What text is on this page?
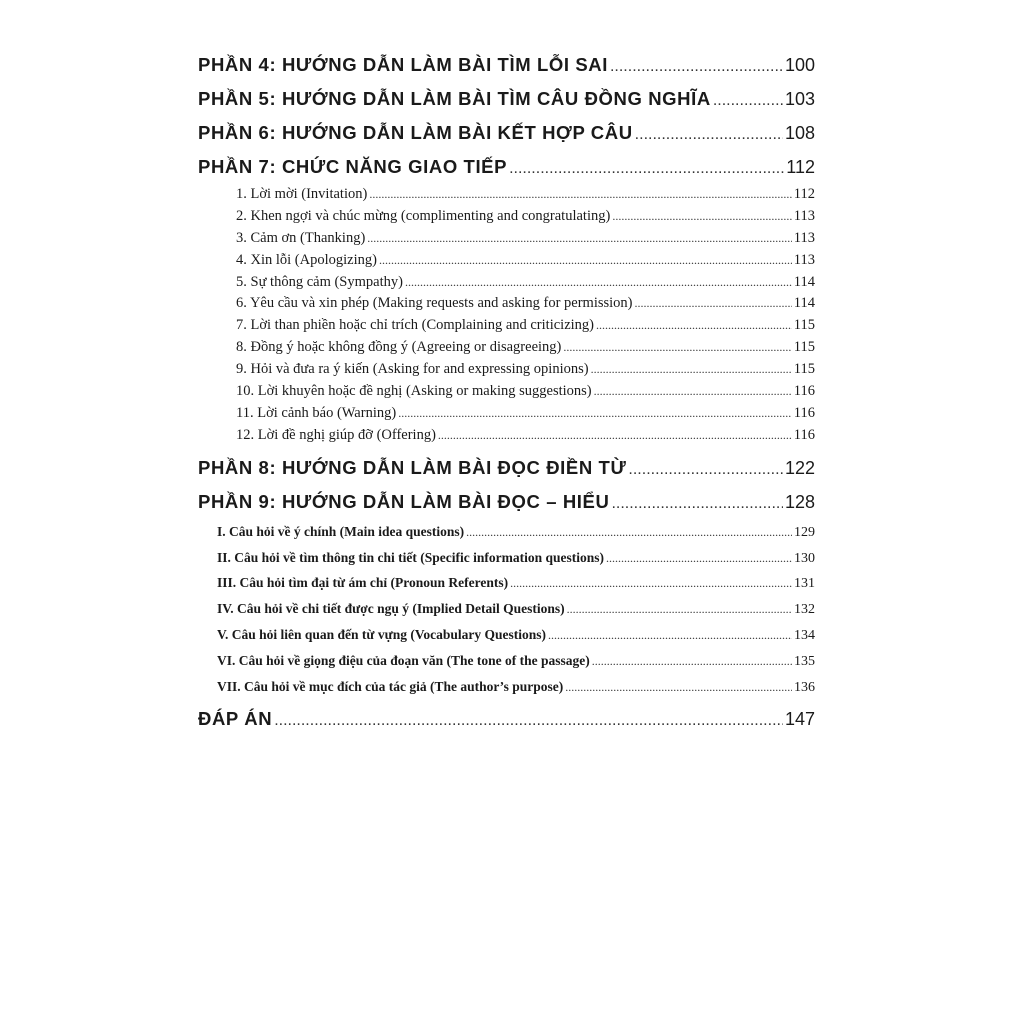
PHẦN 4: HƯỚNG DẪN LÀM BÀI TÌM LỖI SAI .....	100
PHẦN 5: HƯỚNG DẪN LÀM BÀI TÌM CÂU ĐỒNG NGHĨA .....	103
PHẦN 6: HƯỚNG DẪN LÀM BÀI KẾT HỢP CÂU .....	108
PHẦN 7: CHỨC NĂNG GIAO TIẾP .....	112
1. Lời mời (Invitation) .....	112
2. Khen ngợi và chúc mừng (complimenting and congratulating) .....	113
3. Cảm ơn (Thanking) .....	113
4. Xin lỗi (Apologizing) .....	113
5. Sự thông cảm (Sympathy) .....	114
6. Yêu cầu và xin phép (Making requests and asking for permission) .....	114
7. Lời than phiền hoặc chỉ trích (Complaining and criticizing) .....	115
8. Đồng ý hoặc không đồng ý (Agreeing or disagreeing) .....	115
9. Hỏi và đưa ra ý kiến (Asking for and expressing opinions) .....	115
10. Lời khuyên hoặc đề nghị (Asking or making suggestions) .....	116
11. Lời cảnh báo (Warning) .....	116
12. Lời đề nghị giúp đỡ (Offering) .....	116
PHẦN 8: HƯỚNG DẪN LÀM BÀI ĐỌC ĐIỀN TỪ .....	122
PHẦN 9: HƯỚNG DẪN LÀM BÀI ĐỌC – HIỂU .....	128
I. Câu hỏi về ý chính (Main idea questions) .....	129
II. Câu hỏi về tìm thông tin chi tiết (Specific information questions) .....	130
III. Câu hỏi tìm đại từ ám chỉ (Pronoun Referents) .....	131
IV. Câu hỏi về chi tiết được ngụ ý (Implied Detail Questions) .....	132
V. Câu hỏi liên quan đến từ vựng (Vocabulary Questions) .....	134
VI. Câu hỏi về giọng điệu của đoạn văn (The tone of the passage) .....	135
VII. Câu hỏi về mục đích của tác giả (The author’s purpose) .....	136
ĐÁP ÁN .....	147
